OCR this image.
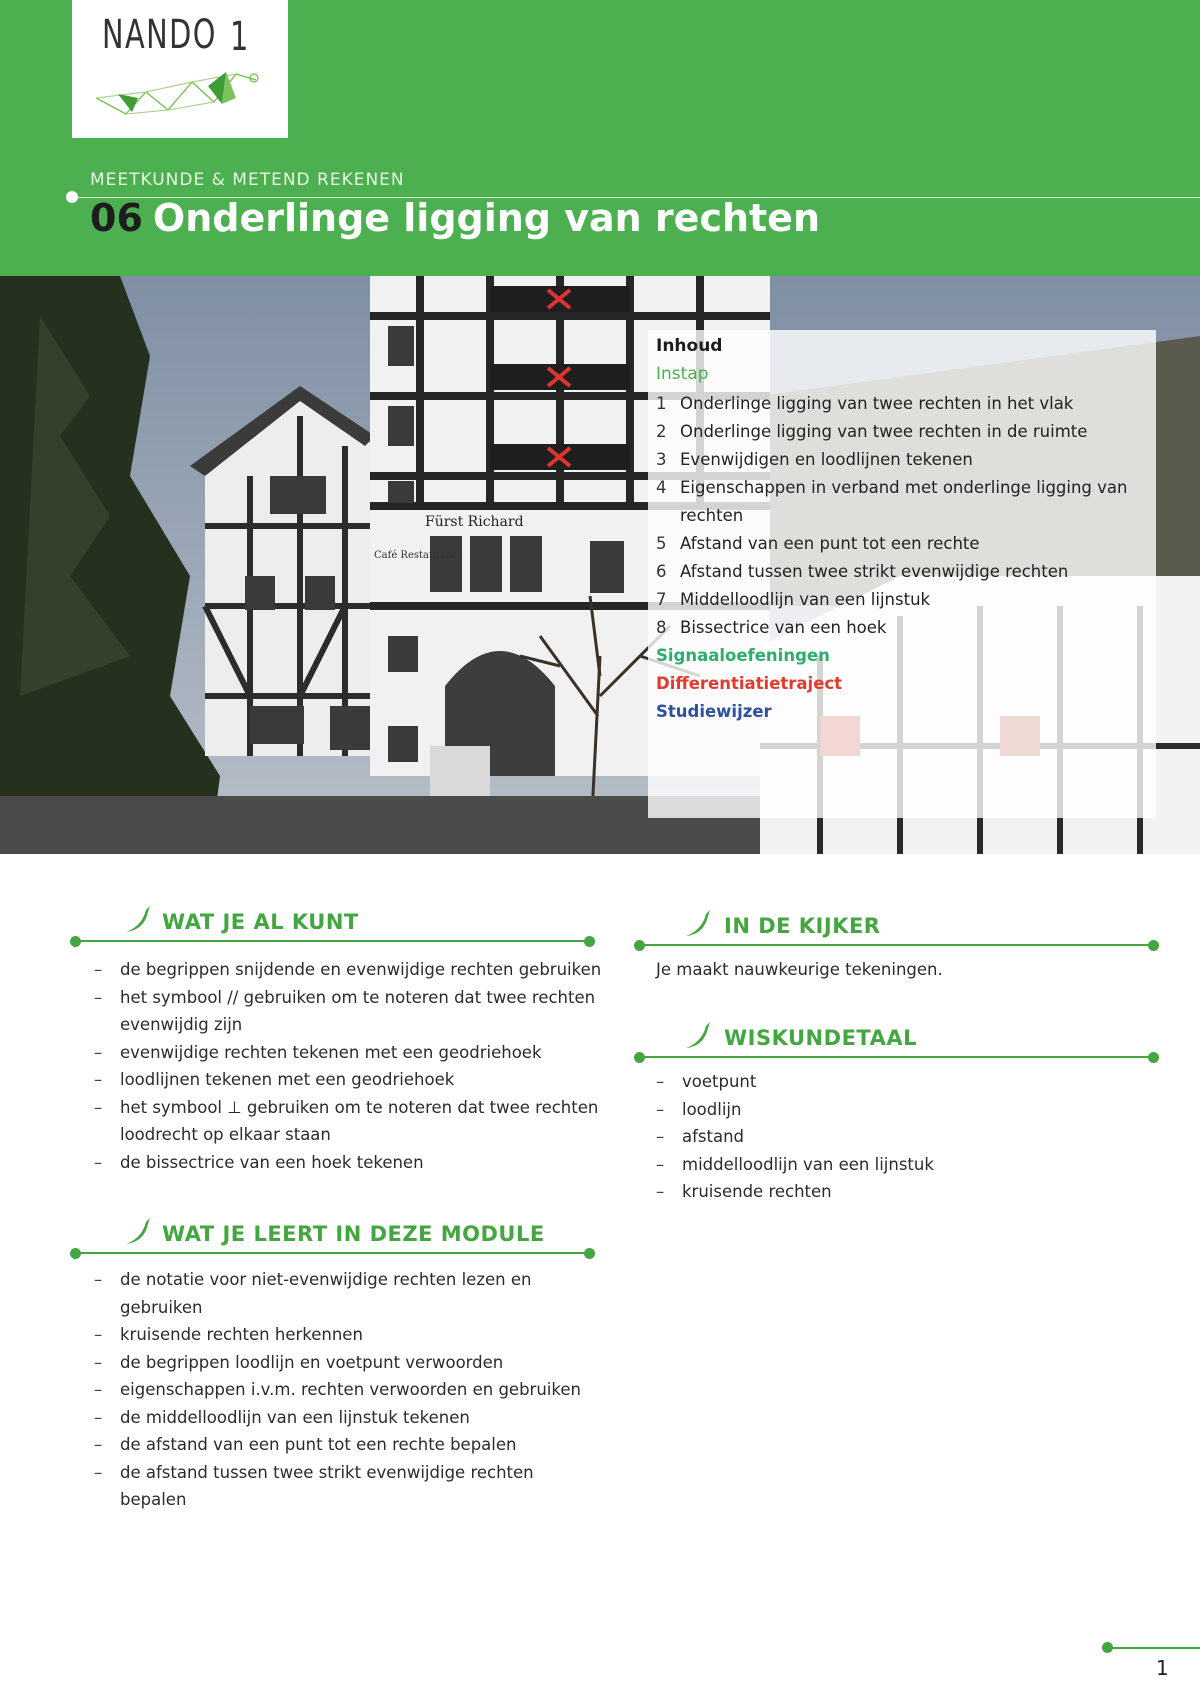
NANDO 1
MEETKUNDE & METEND REKENEN
06 Onderlinge ligging van rechten
Fürst Richard
Café Restaurant
Inhoud
Instap
1 Onderlinge ligging van twee rechten in het vlak
2 Onderlinge ligging van twee rechten in de ruimte
3 Evenwijdigen en loodlijnen tekenen
4 Eigenschappen in verband met onderlinge ligging van rechten
5 Afstand van een punt tot een rechte
6 Afstand tussen twee strikt evenwijdige rechten
7 Middelloodlijn van een lijnstuk
8 Bissectrice van een hoek
Signaaloefeningen
Differentiatietraject
Studiewijzer
WAT JE AL KUNT
– de begrippen snijdende en evenwijdige rechten gebruiken
– het symbool // gebruiken om te noteren dat twee rechten evenwijdig zijn
– evenwijdige rechten tekenen met een geodriehoek
– loodlijnen tekenen met een geodriehoek
– het symbool ⊥ gebruiken om te noteren dat twee rechten loodrecht op elkaar staan
– de bissectrice van een hoek tekenen
WAT JE LEERT IN DEZE MODULE
– de notatie voor niet-evenwijdige rechten lezen en gebruiken
– kruisende rechten herkennen
– de begrippen loodlijn en voetpunt verwoorden
– eigenschappen i.v.m. rechten verwoorden en gebruiken
– de middelloodlijn van een lijnstuk tekenen
– de afstand van een punt tot een rechte bepalen
– de afstand tussen twee strikt evenwijdige rechten bepalen
IN DE KIJKER
Je maakt nauwkeurige tekeningen.
WISKUNDETAAL
– voetpunt
– loodlijn
– afstand
– middelloodlijn van een lijnstuk
– kruisende rechten
1
